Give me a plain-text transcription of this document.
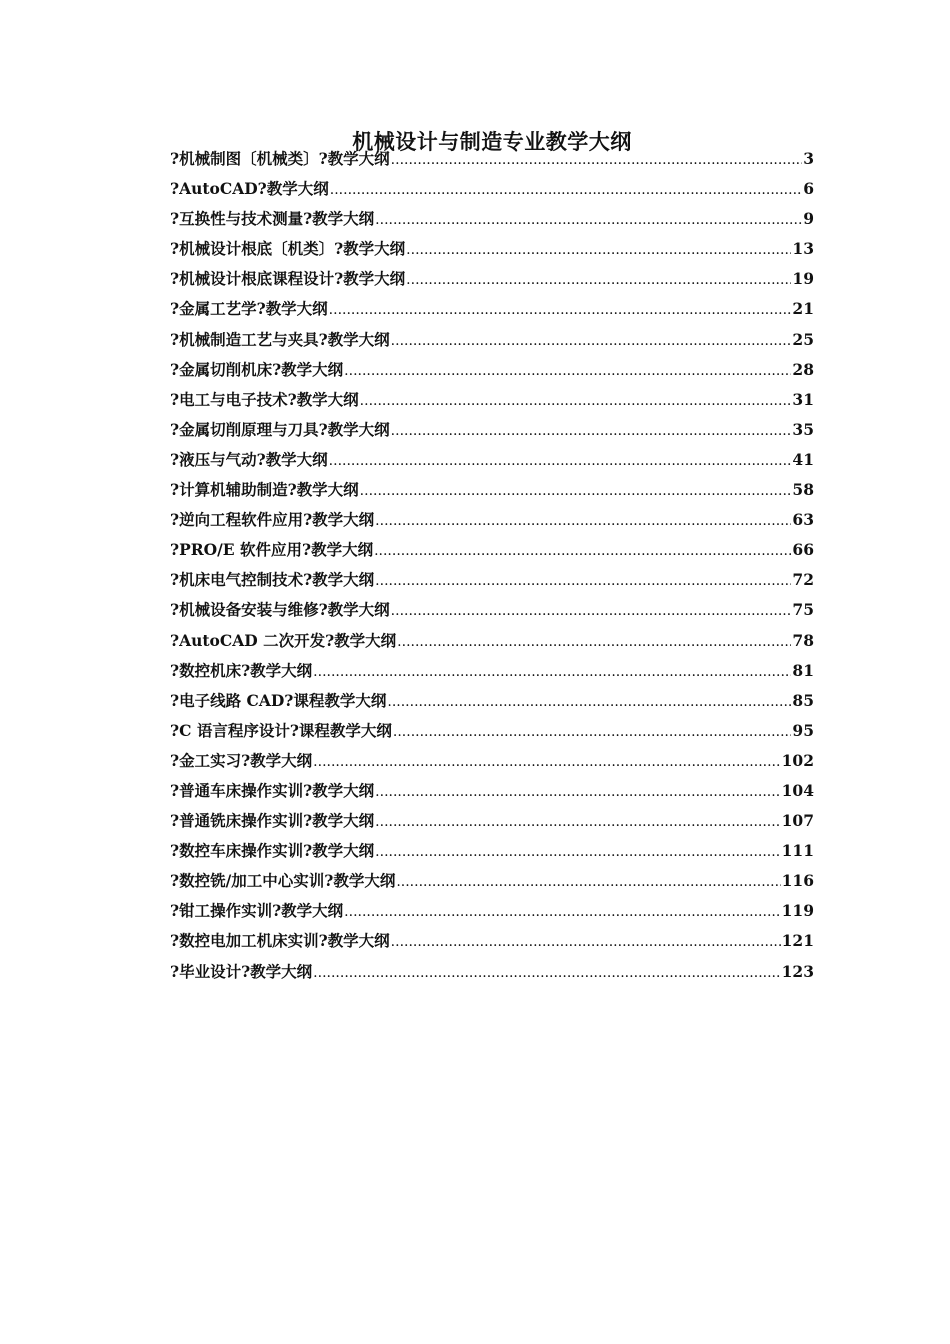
机械设计与制造专业教学大纲
?机械制图〔机械类〕?教学大纲 .....	3
?AutoCAD?教学大纲 .....	6
?互换性与技术测量?教学大纲 .....	9
?机械设计根底〔机类〕?教学大纲 .....	13
?机械设计根底课程设计?教学大纲 .....	19
?金属工艺学?教学大纲 .....	21
?机械制造工艺与夹具?教学大纲 .....	25
?金属切削机床?教学大纲 .....	28
?电工与电子技术?教学大纲 .....	31
?金属切削原理与刀具?教学大纲 .....	35
?液压与气动?教学大纲 .....	41
?计算机辅助制造?教学大纲 .....	58
?逆向工程软件应用?教学大纲 .....	63
?PRO/E 软件应用?教学大纲 .....	66
?机床电气控制技术?教学大纲 .....	72
?机械设备安装与维修?教学大纲 .....	75
?AutoCAD 二次开发?教学大纲 .....	78
?数控机床?教学大纲 .....	81
?电子线路 CAD?课程教学大纲 .....	85
?C 语言程序设计?课程教学大纲 .....	95
?金工实习?教学大纲 .....	102
?普通车床操作实训?教学大纲 .....	104
?普通铣床操作实训?教学大纲 .....	107
?数控车床操作实训?教学大纲 .....	111
?数控铣/加工中心实训?教学大纲 .....	116
?钳工操作实训?教学大纲 .....	119
?数控电加工机床实训?教学大纲 .....	121
?毕业设计?教学大纲 .....	123
